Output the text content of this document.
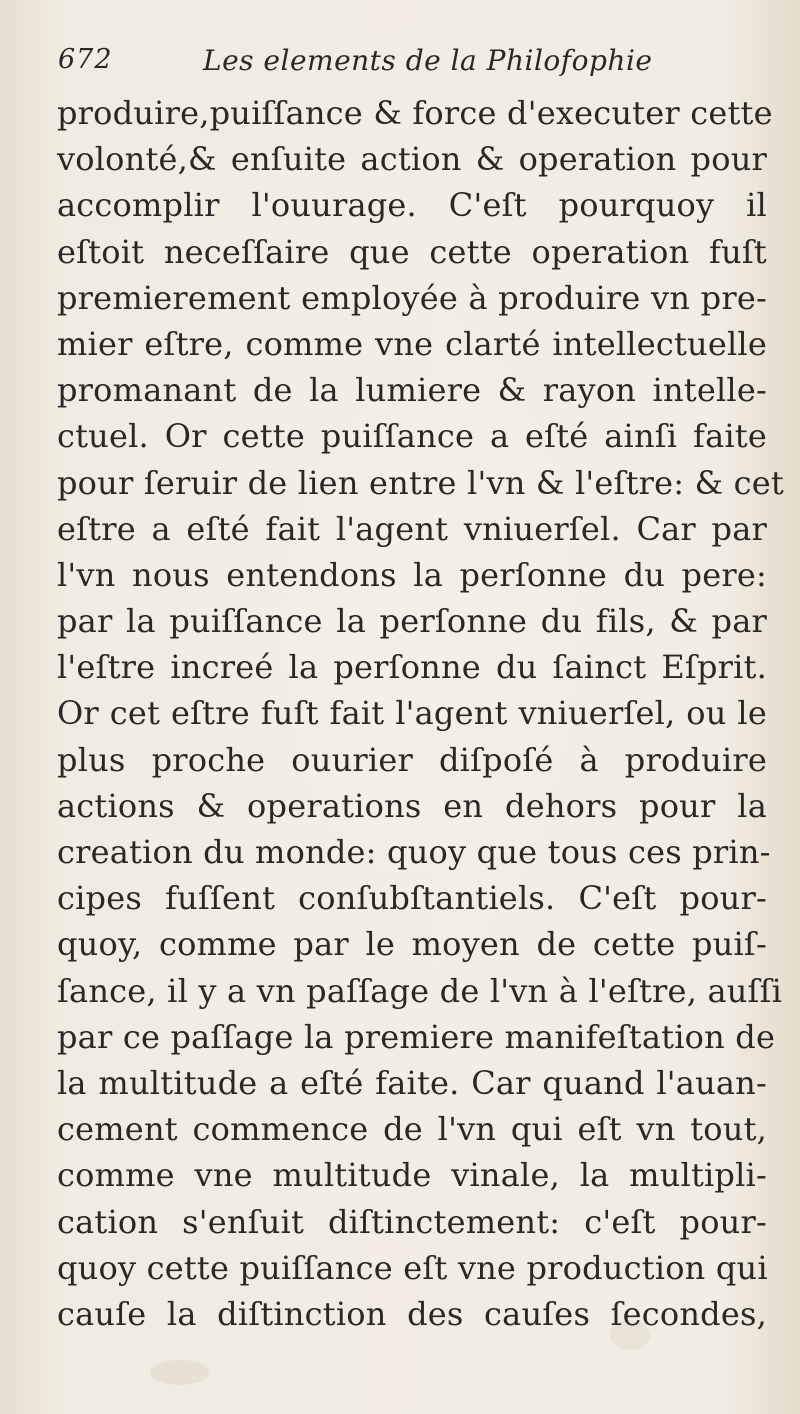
672	Les elements de la Philofophie
produire,puiſſance & force d'executer cette
volonté,& enſuite action & operation pour
accomplir l'ouurage. C'eſt pourquoy il
eſtoit neceſſaire que cette operation fuſt
premierement employée à produire vn pre-
mier eſtre, comme vne clarté intellectuelle
promanant de la lumiere & rayon intelle-
ctuel. Or cette puiſſance a eſté ainſi faite
pour ſeruir de lien entre l'vn & l'eſtre: & cet
eſtre a eſté fait l'agent vniuerſel. Car par
l'vn nous entendons la perſonne du pere:
par la puiſſance la perſonne du fils, & par
l'eſtre increé la perſonne du ſainct Eſprit.
Or cet eſtre fuſt fait l'agent vniuerſel, ou le
plus proche ouurier diſpoſé à produire
actions & operations en dehors pour la
creation du monde: quoy que tous ces prin-
cipes fuſſent conſubſtantiels. C'eſt pour-
quoy, comme par le moyen de cette puiſ-
ſance, il y a vn paſſage de l'vn à l'eſtre, auſſi
par ce paſſage la premiere manifeſtation de
la multitude a eſté faite. Car quand l'auan-
cement commence de l'vn qui eſt vn tout,
comme vne multitude vinale, la multipli-
cation s'enſuit diſtinctement: c'eſt pour-
quoy cette puiſſance eſt vne production qui
cauſe la diſtinction des cauſes ſecondes,
